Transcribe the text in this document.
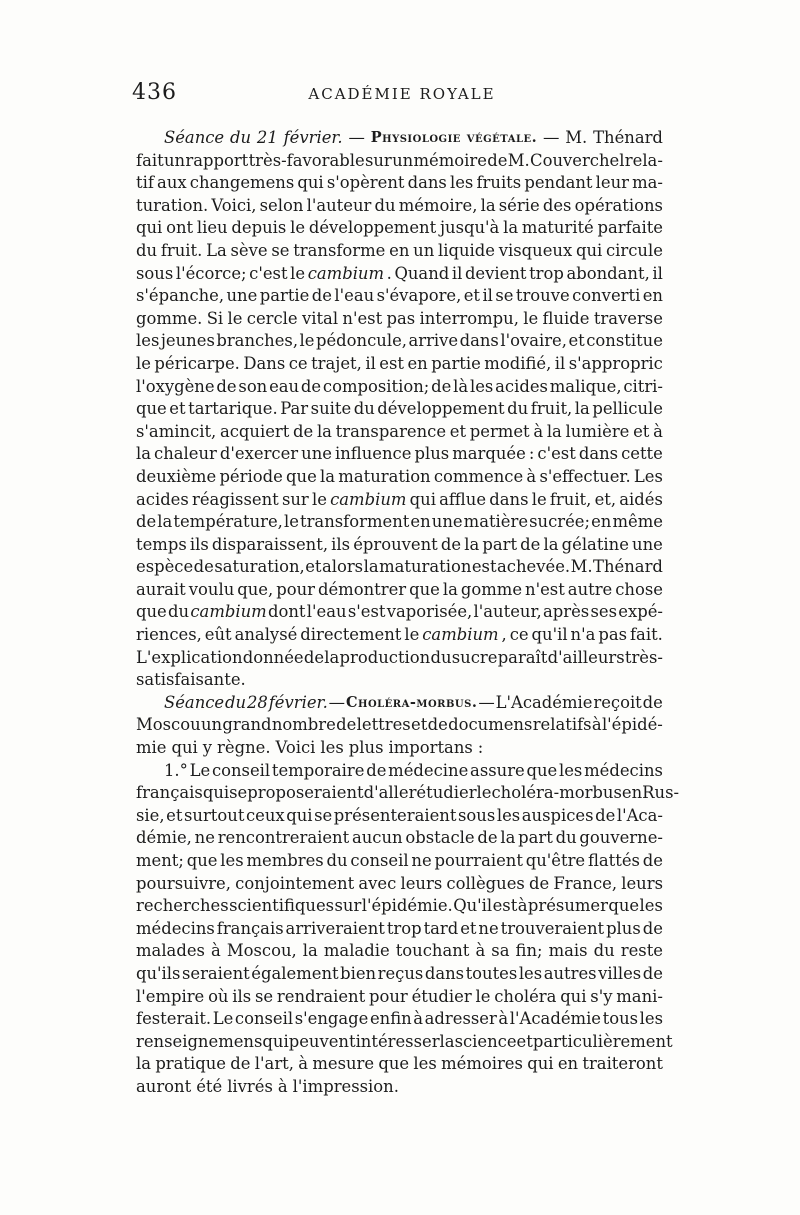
436	ACADÉMIE ROYALE
Séance du 21 février. — Physiologie végétale. — M. Thénard
fait un rapport très-favorable sur un mémoire de M. Couverchel rela-
tif aux changemens qui s'opèrent dans les fruits pendant leur ma-
turation. Voici, selon l'auteur du mémoire, la série des opérations
qui ont lieu depuis le développement jusqu'à la maturité parfaite
du fruit. La sève se transforme en un liquide visqueux qui circule
sous l'écorce; c'est le cambium . Quand il devient trop abondant, il
s'épanche, une partie de l'eau s'évapore, et il se trouve converti en
gomme. Si le cercle vital n'est pas interrompu, le fluide traverse
les jeunes branches, le pédoncule, arrive dans l'ovaire, et constitue
le péricarpe. Dans ce trajet, il est en partie modifié, il s'appropric
l'oxygène de son eau de composition; de là les acides malique, citri-
que et tartarique. Par suite du développement du fruit, la pellicule
s'amincit, acquiert de la transparence et permet à la lumière et à
la chaleur d'exercer une influence plus marquée : c'est dans cette
deuxième période que la maturation commence à s'effectuer. Les
acides réagissent sur le cambium qui afflue dans le fruit, et, aidés
de la température, le transforment en une matière sucrée; en même
temps ils disparaissent, ils éprouvent de la part de la gélatine une
espèce de saturation, et alors la maturation est achevée. M. Thénard
aurait voulu que, pour démontrer que la gomme n'est autre chose
que du cambium dont l'eau s'est vaporisée, l'auteur, après ses expé-
riences, eût analysé directement le cambium , ce qu'il n'a pas fait.
L'explication donnée de la production du sucre paraît d'ailleurs très-
satisfaisante.
Séance du 28 février. — Choléra-morbus. — L'Académie reçoit de
Moscou un grand nombre de lettres et de documens relatifs à l'épidé-
mie qui y règne. Voici les plus importans :
1.° Le conseil temporaire de médecine assure que les médecins
français qui se proposeraient d'aller étudier le choléra-morbus en Rus-
sie, et surtout ceux qui se présenteraient sous les auspices de l'Aca-
démie, ne rencontreraient aucun obstacle de la part du gouverne-
ment; que les membres du conseil ne pourraient qu'être flattés de
poursuivre, conjointement avec leurs collègues de France, leurs
recherches scientifiques sur l'épidémie. Qu'il est à présumer que les
médecins français arriveraient trop tard et ne trouveraient plus de
malades à Moscou, la maladie touchant à sa fin; mais du reste
qu'ils seraient également bien reçus dans toutes les autres villes de
l'empire où ils se rendraient pour étudier le choléra qui s'y mani-
festerait. Le conseil s'engage enfin à adresser à l'Académie tous les
renseignemens qui peuvent intéresser la science et particulièrement
la pratique de l'art, à mesure que les mémoires qui en traiteront
auront été livrés à l'impression.
